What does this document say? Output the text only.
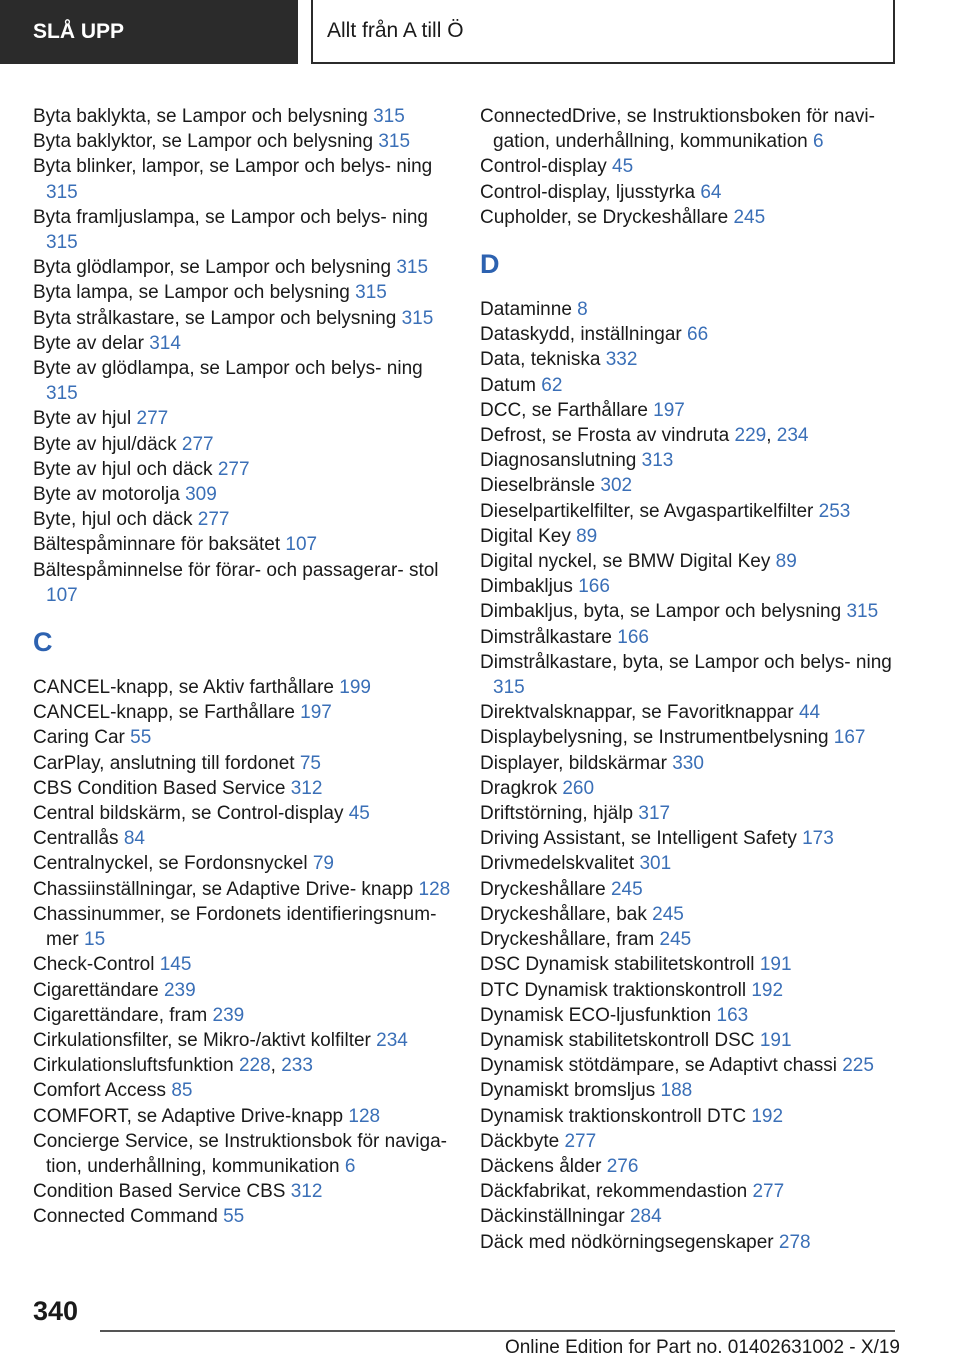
SLÅ UPP	Allt från A till Ö
Byta baklykta, se Lampor och belysning 315
Byta baklyktor, se Lampor och belysning 315
Byta blinker, lampor, se Lampor och belys- ning 315
Byta framljuslampa, se Lampor och belys- ning 315
Byta glödlampor, se Lampor och belysning 315
Byta lampa, se Lampor och belysning 315
Byta strålkastare, se Lampor och belysning 315
Byte av delar 314
Byte av glödlampa, se Lampor och belys- ning 315
Byte av hjul 277
Byte av hjul/däck 277
Byte av hjul och däck 277
Byte av motorolja 309
Byte, hjul och däck 277
Bältespåminnare för baksätet 107
Bältespåminnelse för förar- och passagerar- stol 107
C
CANCEL-knapp, se Aktiv farthållare 199
CANCEL-knapp, se Farthållare 197
Caring Car 55
CarPlay, anslutning till fordonet 75
CBS Condition Based Service 312
Central bildskärm, se Control-display 45
Centrallås 84
Centralnyckel, se Fordonsnyckel 79
Chassiinställningar, se Adaptive Drive- knapp 128
Chassinummer, se Fordonets identifieringsnum- mer 15
Check-Control 145
Cigarettändare 239
Cigarettändare, fram 239
Cirkulationsfilter, se Mikro-/aktivt kolfilter 234
Cirkulationsluftsfunktion 228, 233
Comfort Access 85
COMFORT, se Adaptive Drive-knapp 128
Concierge Service, se Instruktionsbok för naviga- tion, underhållning, kommunikation 6
Condition Based Service CBS 312
Connected Command 55
ConnectedDrive, se Instruktionsboken för navi- gation, underhållning, kommunikation 6
Control-display 45
Control-display, ljusstyrka 64
Cupholder, se Dryckeshållare 245
D
Dataminne 8
Dataskydd, inställningar 66
Data, tekniska 332
Datum 62
DCC, se Farthållare 197
Defrost, se Frosta av vindruta 229, 234
Diagnosanslutning 313
Dieselbränsle 302
Dieselpartikelfilter, se Avgaspartikelfilter 253
Digital Key 89
Digital nyckel, se BMW Digital Key 89
Dimbakljus 166
Dimbakljus, byta, se Lampor och belysning 315
Dimstrålkastare 166
Dimstrålkastare, byta, se Lampor och belys- ning 315
Direktvalsknappar, se Favoritknappar 44
Displaybelysning, se Instrumentbelysning 167
Displayer, bildskärmar 330
Dragkrok 260
Driftstörning, hjälp 317
Driving Assistant, se Intelligent Safety 173
Drivmedelskvalitet 301
Dryckeshållare 245
Dryckeshållare, bak 245
Dryckeshållare, fram 245
DSC Dynamisk stabilitetskontroll 191
DTC Dynamisk traktionskontroll 192
Dynamisk ECO-ljusfunktion 163
Dynamisk stabilitetskontroll DSC 191
Dynamisk stötdämpare, se Adaptivt chassi 225
Dynamiskt bromsljus 188
Dynamisk traktionskontroll DTC 192
Däckbyte 277
Däckens ålder 276
Däckfabrikat, rekommendastion 277
Däckinställningar 284
Däck med nödkörningsegenskaper 278
340
Online Edition for Part no. 01402631002 - X/19
